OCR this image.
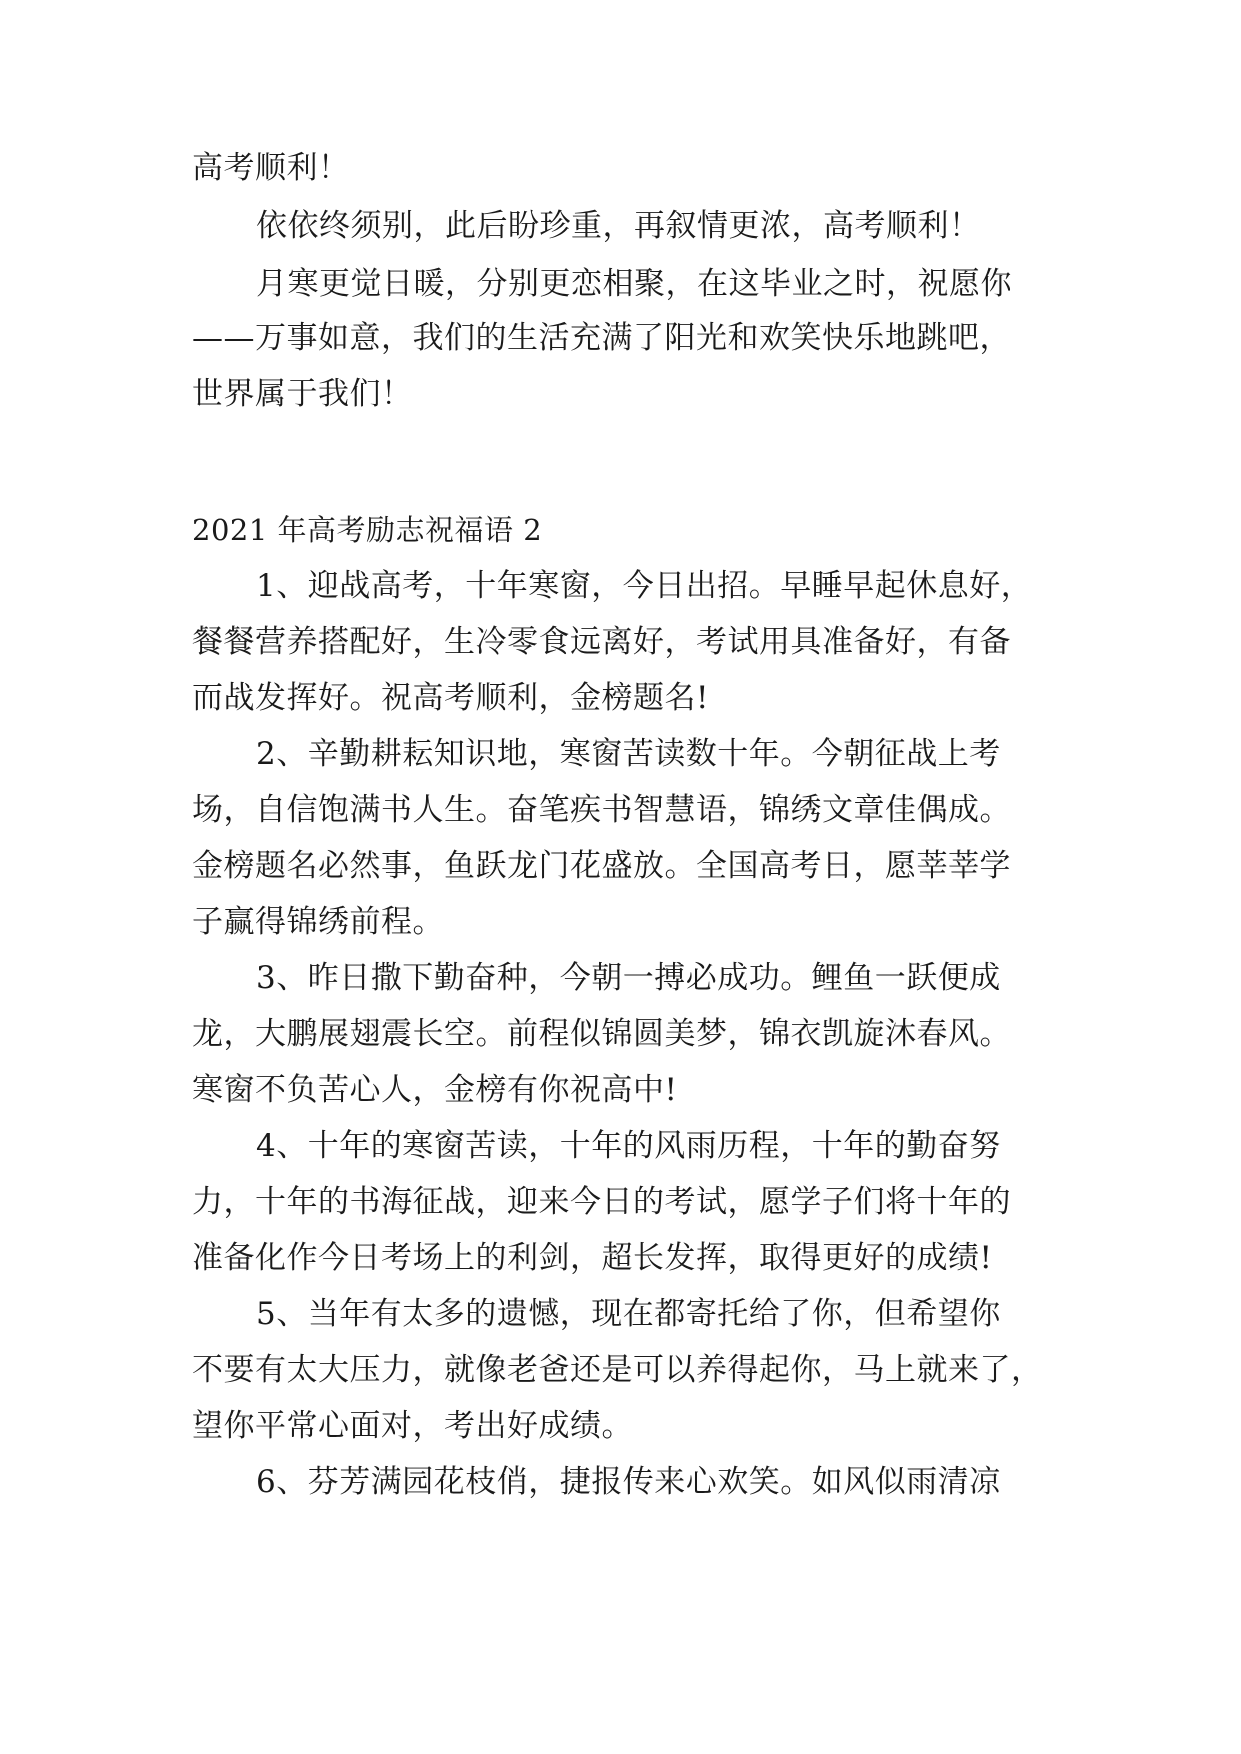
高考顺利！
依依终须别，此后盼珍重，再叙情更浓，高考顺利！
月寒更觉日暖，分别更恋相聚，在这毕业之时，祝愿你
——万事如意，我们的生活充满了阳光和欢笑快乐地跳吧，
世界属于我们！
2021 年高考励志祝福语 2
1、迎战高考，十年寒窗，今日出招。早睡早起休息好，
餐餐营养搭配好，生冷零食远离好，考试用具准备好，有备
而战发挥好。祝高考顺利，金榜题名!
2、辛勤耕耘知识地，寒窗苦读数十年。今朝征战上考
场，自信饱满书人生。奋笔疾书智慧语，锦绣文章佳偶成。
金榜题名必然事，鱼跃龙门花盛放。全国高考日，愿莘莘学
子赢得锦绣前程。
3、昨日撒下勤奋种，今朝一搏必成功。鲤鱼一跃便成
龙，大鹏展翅震长空。前程似锦圆美梦，锦衣凯旋沐春风。
寒窗不负苦心人，金榜有你祝高中!
4、十年的寒窗苦读，十年的风雨历程，十年的勤奋努
力，十年的书海征战，迎来今日的考试，愿学子们将十年的
准备化作今日考场上的利剑，超长发挥，取得更好的成绩!
5、当年有太多的遗憾，现在都寄托给了你，但希望你
不要有太大压力，就像老爸还是可以养得起你，马上就来了，
望你平常心面对，考出好成绩。
6、芬芳满园花枝俏，捷报传来心欢笑。如风似雨清凉
